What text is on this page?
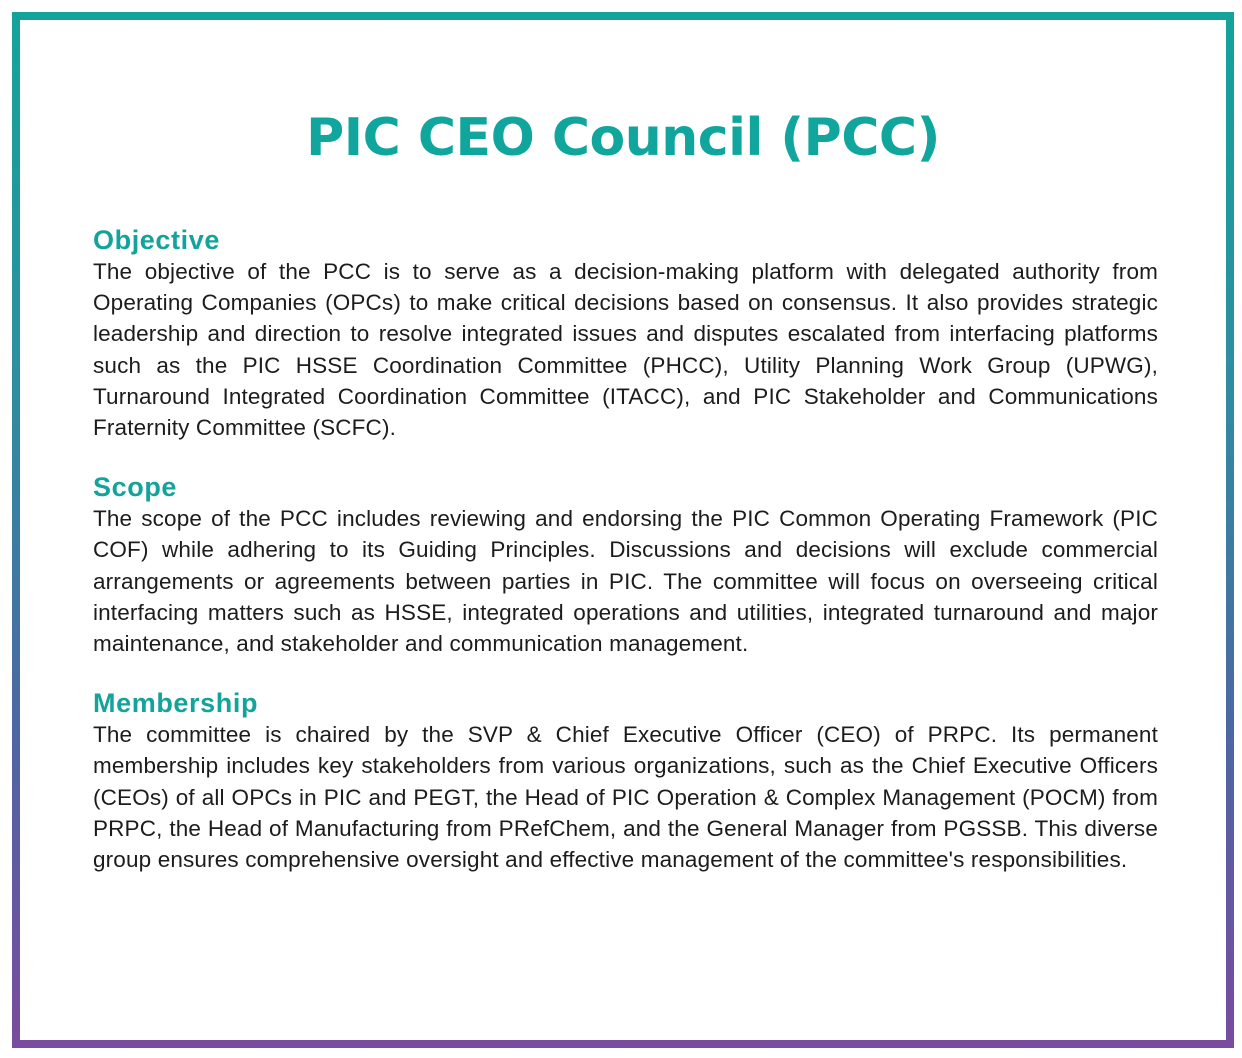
PIC CEO Council (PCC)
Objective

The objective of the PCC is to serve as a decision-making platform with delegated authority from Operating Companies (OPCs) to make critical decisions based on consensus. It also provides strategic leadership and direction to resolve integrated issues and disputes escalated from interfacing platforms such as the PIC HSSE Coordination Committee (PHCC), Utility Planning Work Group (UPWG), Turnaround Integrated Coordination Committee (ITACC), and PIC Stakeholder and Communications Fraternity Committee (SCFC).

Scope

The scope of the PCC includes reviewing and endorsing the PIC Common Operating Framework (PIC COF) while adhering to its Guiding Principles. Discussions and decisions will exclude commercial arrangements or agreements between parties in PIC. The committee will focus on overseeing critical interfacing matters such as HSSE, integrated operations and utilities, integrated turnaround and major maintenance, and stakeholder and communication management.

Membership

The committee is chaired by the SVP & Chief Executive Officer (CEO) of PRPC. Its permanent membership includes key stakeholders from various organizations, such as the Chief Executive Officers (CEOs) of all OPCs in PIC and PEGT, the Head of PIC Operation & Complex Management (POCM) from PRPC, the Head of Manufacturing from PRefChem, and the General Manager from PGSSB. This diverse group ensures comprehensive oversight and effective management of the committee's responsibilities.
